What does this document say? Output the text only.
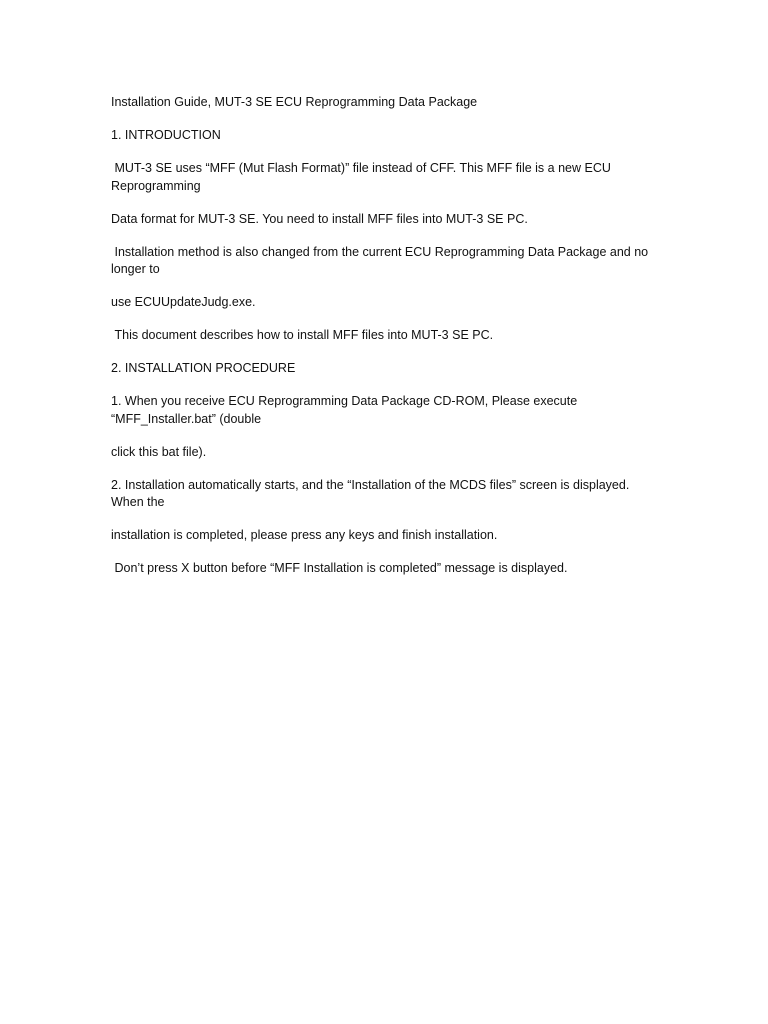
Installation Guide, MUT-3 SE ECU Reprogramming Data Package

1. INTRODUCTION

MUT-3 SE uses “MFF (Mut Flash Format)” file instead of CFF. This MFF file is a new ECU Reprogramming

Data format for MUT-3 SE. You need to install MFF files into MUT-3 SE PC.

Installation method is also changed from the current ECU Reprogramming Data Package and no longer to

use ECUUpdateJudg.exe.

This document describes how to install MFF files into MUT-3 SE PC.

2. INSTALLATION PROCEDURE

1. When you receive ECU Reprogramming Data Package CD-ROM, Please execute “MFF_Installer.bat” (double

click this bat file).

2. Installation automatically starts, and the “Installation of the MCDS files” screen is displayed. When the

installation is completed, please press any keys and finish installation.

Don’t press X button before “MFF Installation is completed” message is displayed.
